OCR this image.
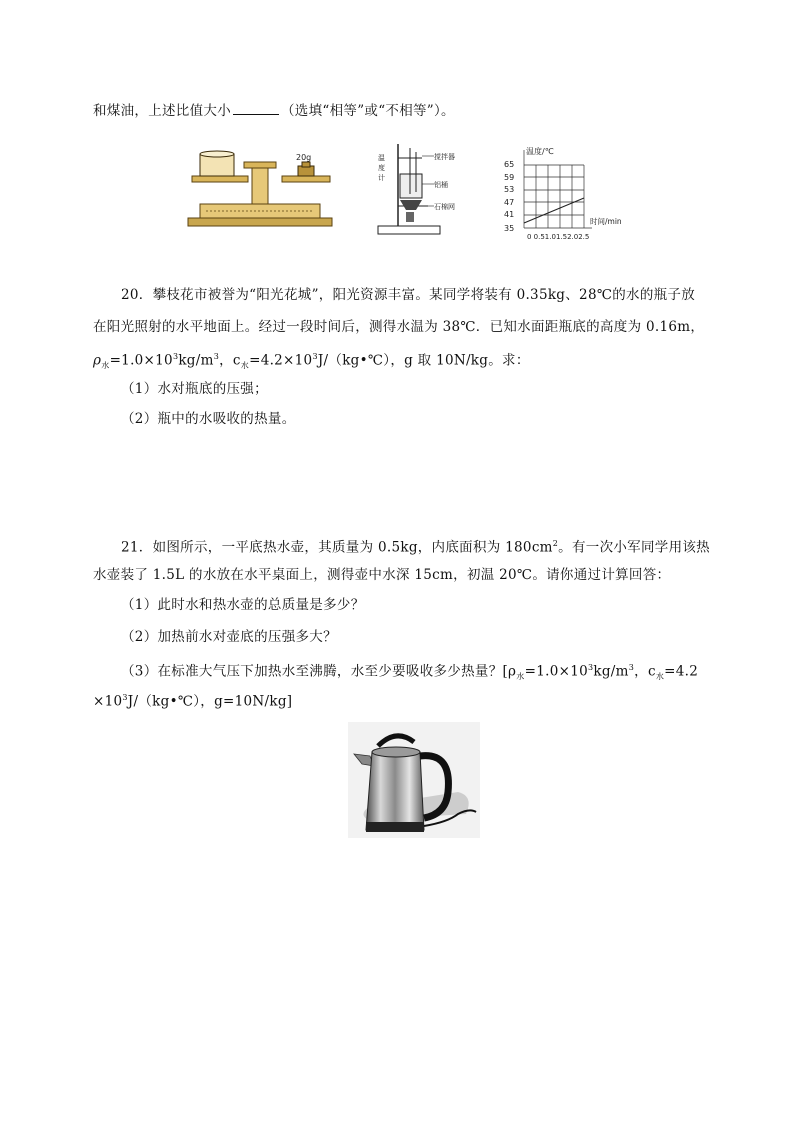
和煤油，上述比值大小	（选填“相等”或“不相等”）。
20g	温
度
计
搅拌器
铝桶
石棉网
温度/℃
时间/min
65
59
53
47
41
35
0 0.51.01.52.02.5
20．攀枝花市被誉为“阳光花城”，阳光资源丰富。某同学将装有 0.35kg、28℃的水的瓶子放
在阳光照射的水平地面上。经过一段时间后，测得水温为 38℃．已知水面距瓶底的高度为 0.16m，
$\rho_水=1.0\times 10^3kg/m^3$，$c_水=4.2\times 10^3J/(kg•℃)$，g 取 10N/kg。求：
（1）水对瓶底的压强；
（2）瓶中的水吸收的热量。
21．如图所示，一平底热水壶，其质量为 0.5kg，内底面积为 $180cm^2$。有一次小军同学用该热
水壶装了 1.5L 的水放在水平桌面上，测得壶中水深 15cm，初温 20℃。请你通过计算回答：
（1）此时水和热水壶的总质量是多少？
（2）加热前水对壶底的压强多大？
（3）在标准大气压下加热水至沸腾，水至少要吸收多少热量？[$\rho_水=1.0\times 10^3kg/m^3$，$c_水=4.2$
$\times 10^3J/(kg•℃)$，g=10N/kg]
